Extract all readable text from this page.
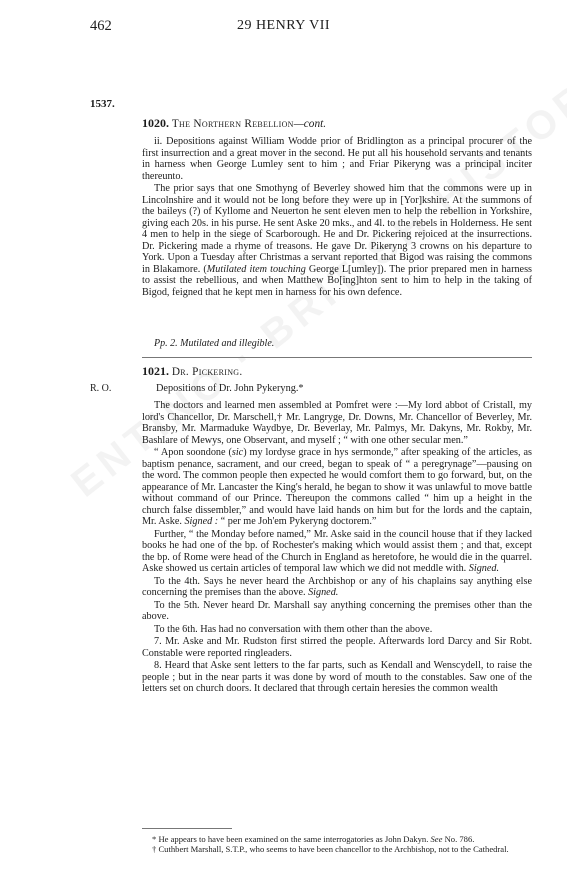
462	29 HENRY VII
1537.
1020. The Northern Rebellion—cont.

ii. Depositions against William Wodde prior of Bridlington as a principal procurer of the first insurrection and a great mover in the second. He put all his household servants and tenants in harness when George Lumley sent to him ; and Friar Pikeryng was a principal inciter thereunto.

The prior says that one Smothyng of Beverley showed him that the commons were up in Lincolnshire and it would not be long before they were up in [Yor]kshire. At the summons of the baileys (?) of Kyllome and Neuerton he sent eleven men to help the rebellion in Yorkshire, giving each 20s. in his purse. He sent Aske 20 mks., and 4l. to the rebels in Holderness. He sent 4 men to help in the siege of Scarborough. He and Dr. Pickering rejoiced at the insurrections. Dr. Pickering made a rhyme of treasons. He gave Dr. Pikeryng 3 crowns on his departure to York. Upon a Tuesday after Christmas a servant reported that Bigod was raising the commons in Blakamore. (Mutilated item touching George L[umley]). The prior prepared men in harness to assist the rebellious, and when Matthew Bo[ing]hton sent to him to help in the taking of Bigod, feigned that he kept men in harness for his own defence.

Pp. 2. Mutilated and illegible.
1021. Dr. Pickering.
R. O.	Depositions of Dr. John Pykeryng.*

The doctors and learned men assembled at Pomfret were :—My lord abbot of Cristall, my lord's Chancellor, Dr. Marschell,† Mr. Langryge, Dr. Downs, Mr. Chancellor of Beverley, Mr. Bransby, Mr. Marmaduke Waydbye, Dr. Beverlay, Mr. Palmys, Mr. Dakyns, Mr. Rokby, Mr. Bashlare of Mewys, one Observant, and myself ; “ with one other secular men.”

“ Apon soondone (sic) my lordyse grace in hys sermonde,” after speaking of the articles, as baptism penance, sacrament, and our creed, began to speak of “ a peregrynage”—pausing on the word. The common people then expected he would comfort them to go forward, but, on the appearance of Mr. Lancaster the King's herald, he began to show it was unlawful to move battle without command of our Prince. Thereupon the commons called “ him up a height in the church false dissembler,” and would have laid hands on him but for the lords and the captain, Mr. Aske. Signed : “ per me Joh'em Pykeryng doctorem.”

Further, “ the Monday before named,” Mr. Aske said in the council house that if they lacked books he had one of the bp. of Rochester's making which would assist them ; and that, except the bp. of Rome were head of the Church in England as heretofore, he would die in the quarrel. Aske showed us certain articles of temporal law which we did not meddle with. Signed.

To the 4th. Says he never heard the Archbishop or any of his chaplains say anything else concerning the premises than the above. Signed.

To the 5th. Never heard Dr. Marshall say anything concerning the premises other than the above.

To the 6th. Has had no conversation with them other than the above.

7. Mr. Aske and Mr. Rudston first stirred the people. Afterwards lord Darcy and Sir Robt. Constable were reported ringleaders.

8. Heard that Aske sent letters to the far parts, such as Kendall and Wenscydell, to raise the people ; but in the near parts it was done by word of mouth to the constables. Saw one of the letters set on church doors. It declared that through certain heresies the common wealth

* He appears to have been examined on the same interrogatories as John Dakyn. See No. 786.

† Cuthbert Marshall, S.T.P., who seems to have been chancellor to the Archbishop, not to the Cathedral.
